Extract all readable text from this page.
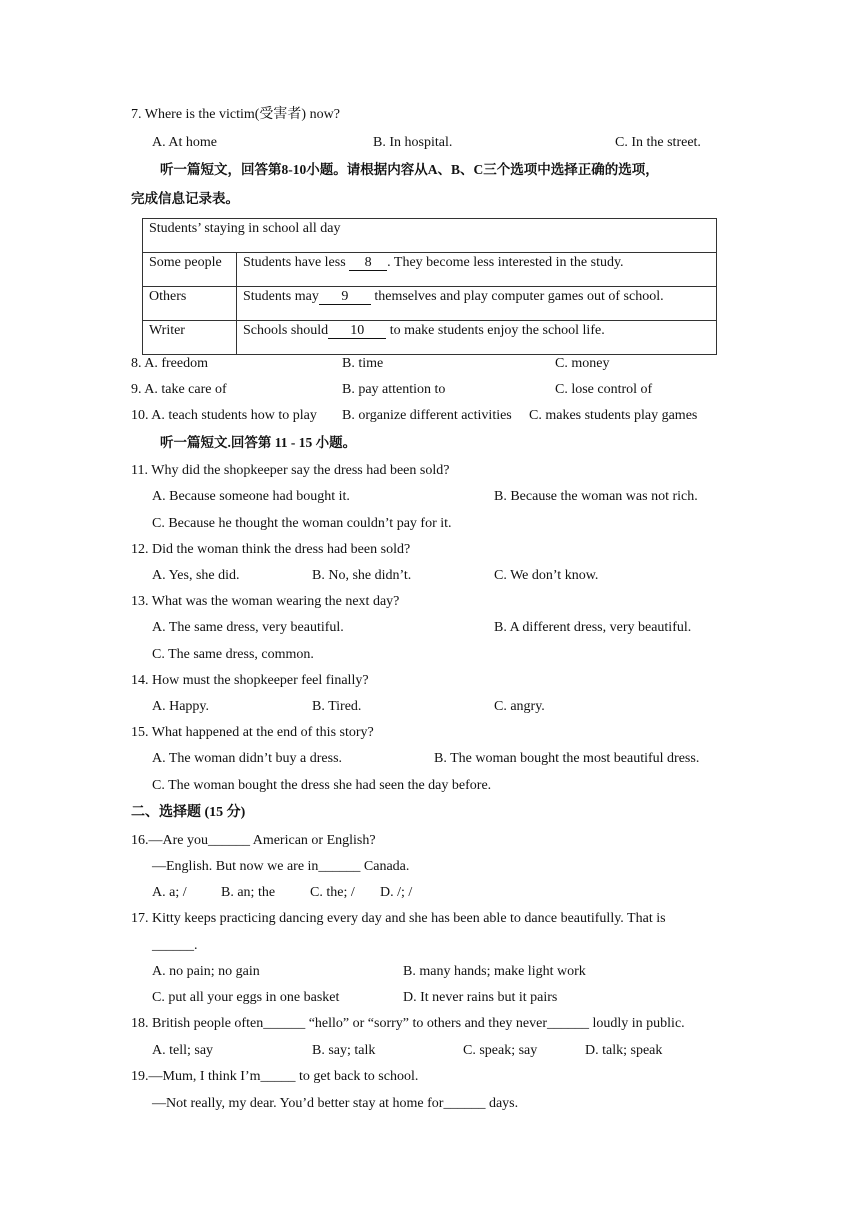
7. Where is the victim(受害者) now?
A. At home	B. In hospital.	C. In the street.
听一篇短文，回答第8-10小题。请根据内容从A、B、C三个选项中选择正确的选项，
完成信息记录表。
Students’ staying in school all day	
Some people	Students have less 8 . They become less interested in the study.
Others	Students may 9 themselves and play computer games out of school.
Writer	Schools should 10 to make students enjoy the school life.
8. A. freedom	B. time	C. money
9. A. take care of	B. pay attention to	C. lose control of
10. A. teach students how to play B. organize different activities C. makes students play games
听一篇短文.回答第 11 - 15 小题。
11. Why did the shopkeeper say the dress had been sold?
A. Because someone had bought it.	B. Because the woman was not rich.
C. Because he thought the woman couldn’t pay for it.
12. Did the woman think the dress had been sold?
A. Yes, she did.	B. No, she didn’t.	C. We don’t know.
13. What was the woman wearing the next day?
A. The same dress, very beautiful.	B. A different dress, very beautiful.
C. The same dress, common.
14. How must the shopkeeper feel finally?
A. Happy.	B. Tired.	C. angry.
15. What happened at the end of this story?
A. The woman didn’t buy a dress.	B. The woman bought the most beautiful dress.
C. The woman bought the dress she had seen the day before.
二、选择题 (15 分)
16.—Are you______ American or English?
—English. But now we are in______ Canada.
A. a; / B. an; the C. the; / D. /; /
17. Kitty keeps practicing dancing every day and she has been able to dance beautifully. That is
______.
A. no pain; no gain	B. many hands; make light work
C. put all your eggs in one basket	D. It never rains but it pairs
18. British people often______ “hello” or “sorry” to others and they never______ loudly in public.
A. tell; say	B. say; talk	C. speak; say	D. talk; speak
19.—Mum, I think I’m_____ to get back to school.
—Not really, my dear. You’d better stay at home for______ days.
